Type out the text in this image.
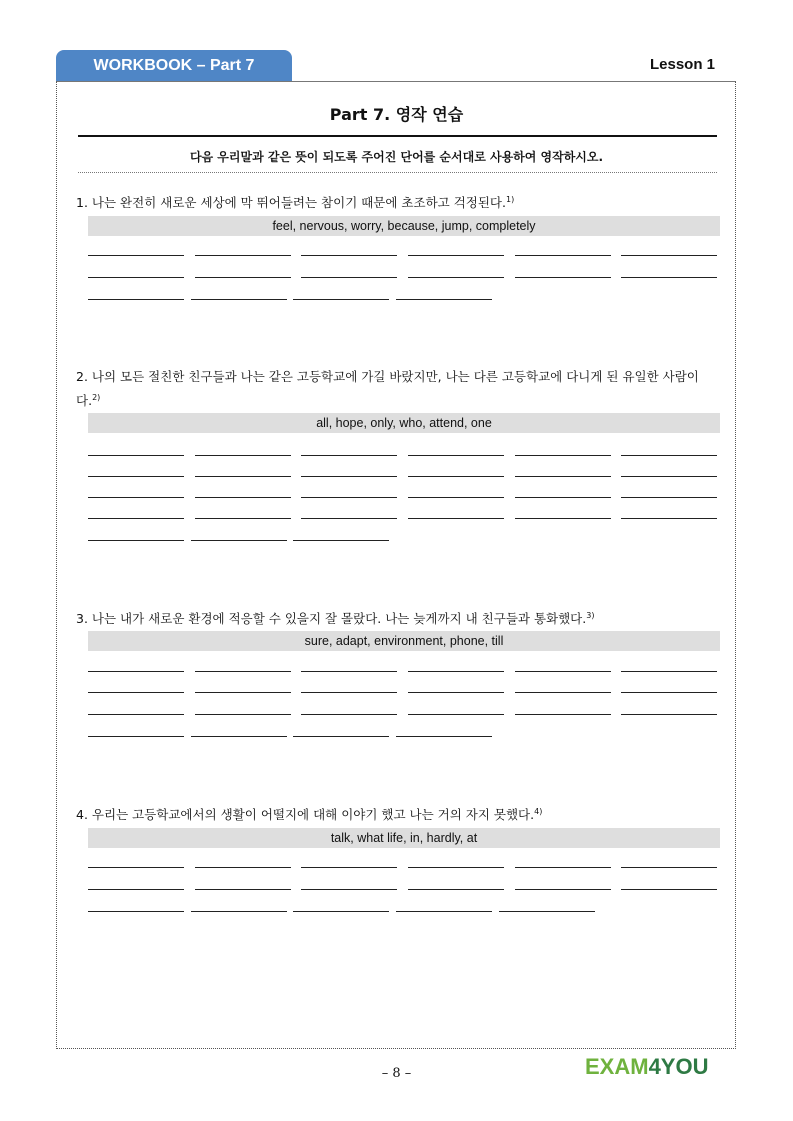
WORKBOOK – Part 7	Lesson 1
Part 7. 영작 연습
다음 우리말과 같은 뜻이 되도록 주어진 단어를 순서대로 사용하여 영작하시오.
1. 나는 완전히 새로운 세상에 막 뛰어들려는 참이기 때문에 초조하고 걱정된다.$^{1)}$
feel, nervous, worry, because, jump, completely
2. 나의 모든 절친한 친구들과 나는 같은 고등학교에 가길 바랐지만, 나는 다른 고등학교에 다니게 된 유일한 사람이다.$^{2)}$
all, hope, only, who, attend, one
3. 나는 내가 새로운 환경에 적응할 수 있을지 잘 몰랐다. 나는 늦게까지 내 친구들과 통화했다.$^{3)}$
sure, adapt, environment, phone, till
4. 우리는 고등학교에서의 생활이 어떨지에 대해 이야기 했고 나는 거의 자지 못했다.$^{4)}$
talk, what life, in, hardly, at
– 8 –	EXAM4YOU
